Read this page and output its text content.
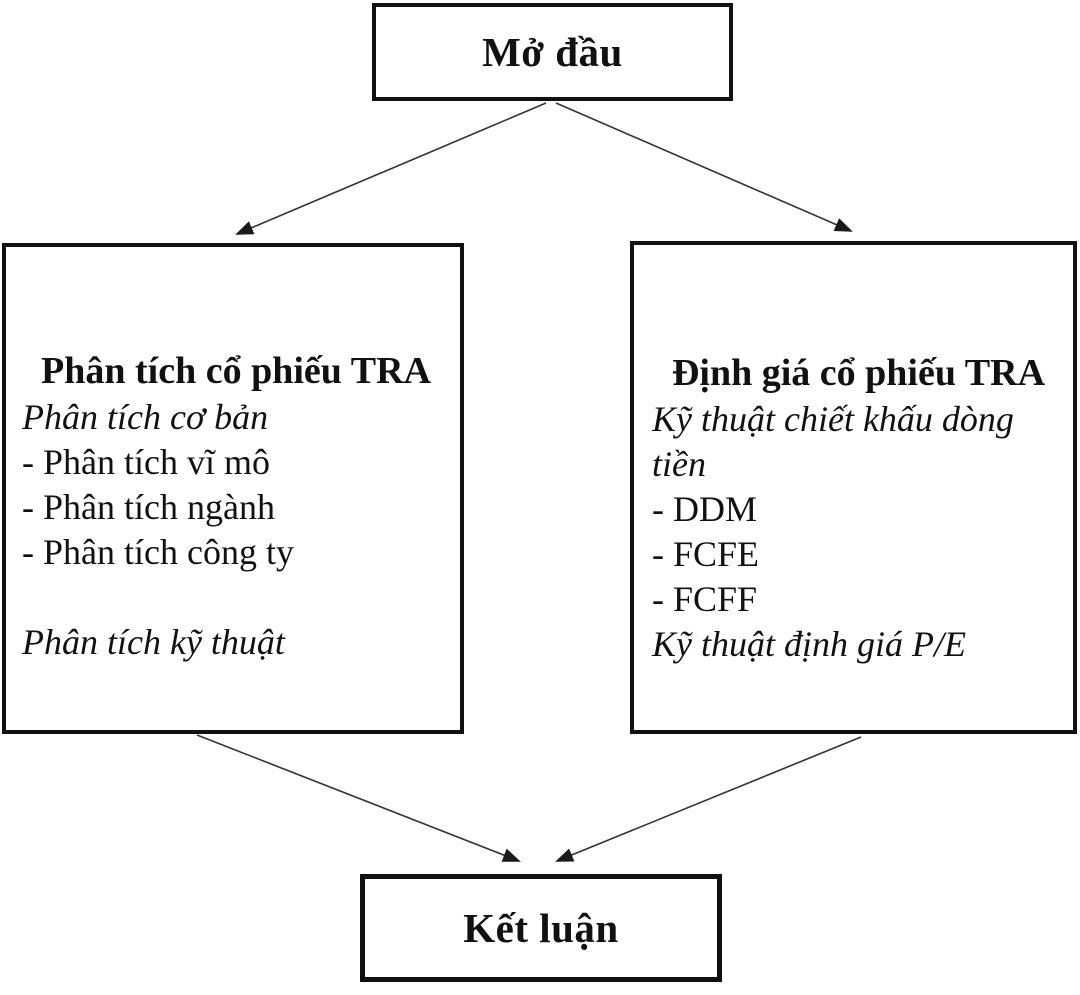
Mở đầu
Phân tích cổ phiếu TRA
Phân tích cơ bản
- Phân tích vĩ mô
- Phân tích ngành
- Phân tích công ty
Phân tích kỹ thuật
Định giá cổ phiếu TRA
Kỹ thuật chiết khấu dòng tiền
- DDM
- FCFE
- FCFF
Kỹ thuật định giá P/E
Kết luận
